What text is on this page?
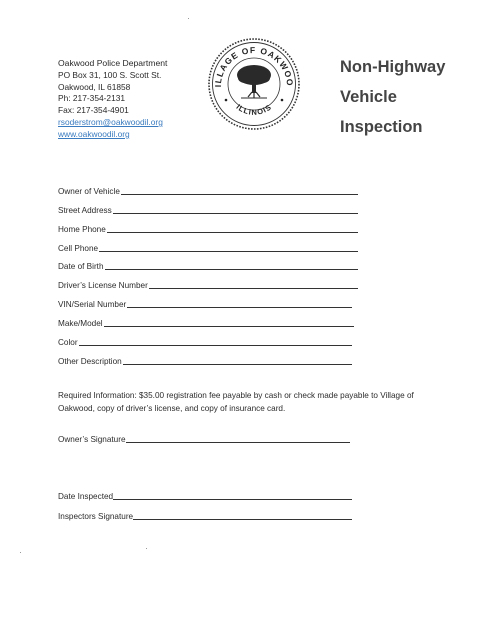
Oakwood Police Department
PO Box 31, 100 S. Scott St.
Oakwood, IL 61858
Ph: 217-354-2131
Fax: 217-354-4901
rsoderstrom@oakwoodil.org
www.oakwoodil.org
ILLAGE OF OAKWOO
ILLINOIS
Non-Highway
Vehicle
Inspection
Owner of Vehicle
Street Address
Home Phone
Cell Phone
Date of Birth
Driver’s License Number
VIN/Serial Number
Make/Model
Color
Other Description
Required Information: $35.00 registration fee payable by cash or check made payable to Village of Oakwood, copy of driver’s license, and copy of insurance card.
Owner’s Signature
Date Inspected
Inspectors Signature
